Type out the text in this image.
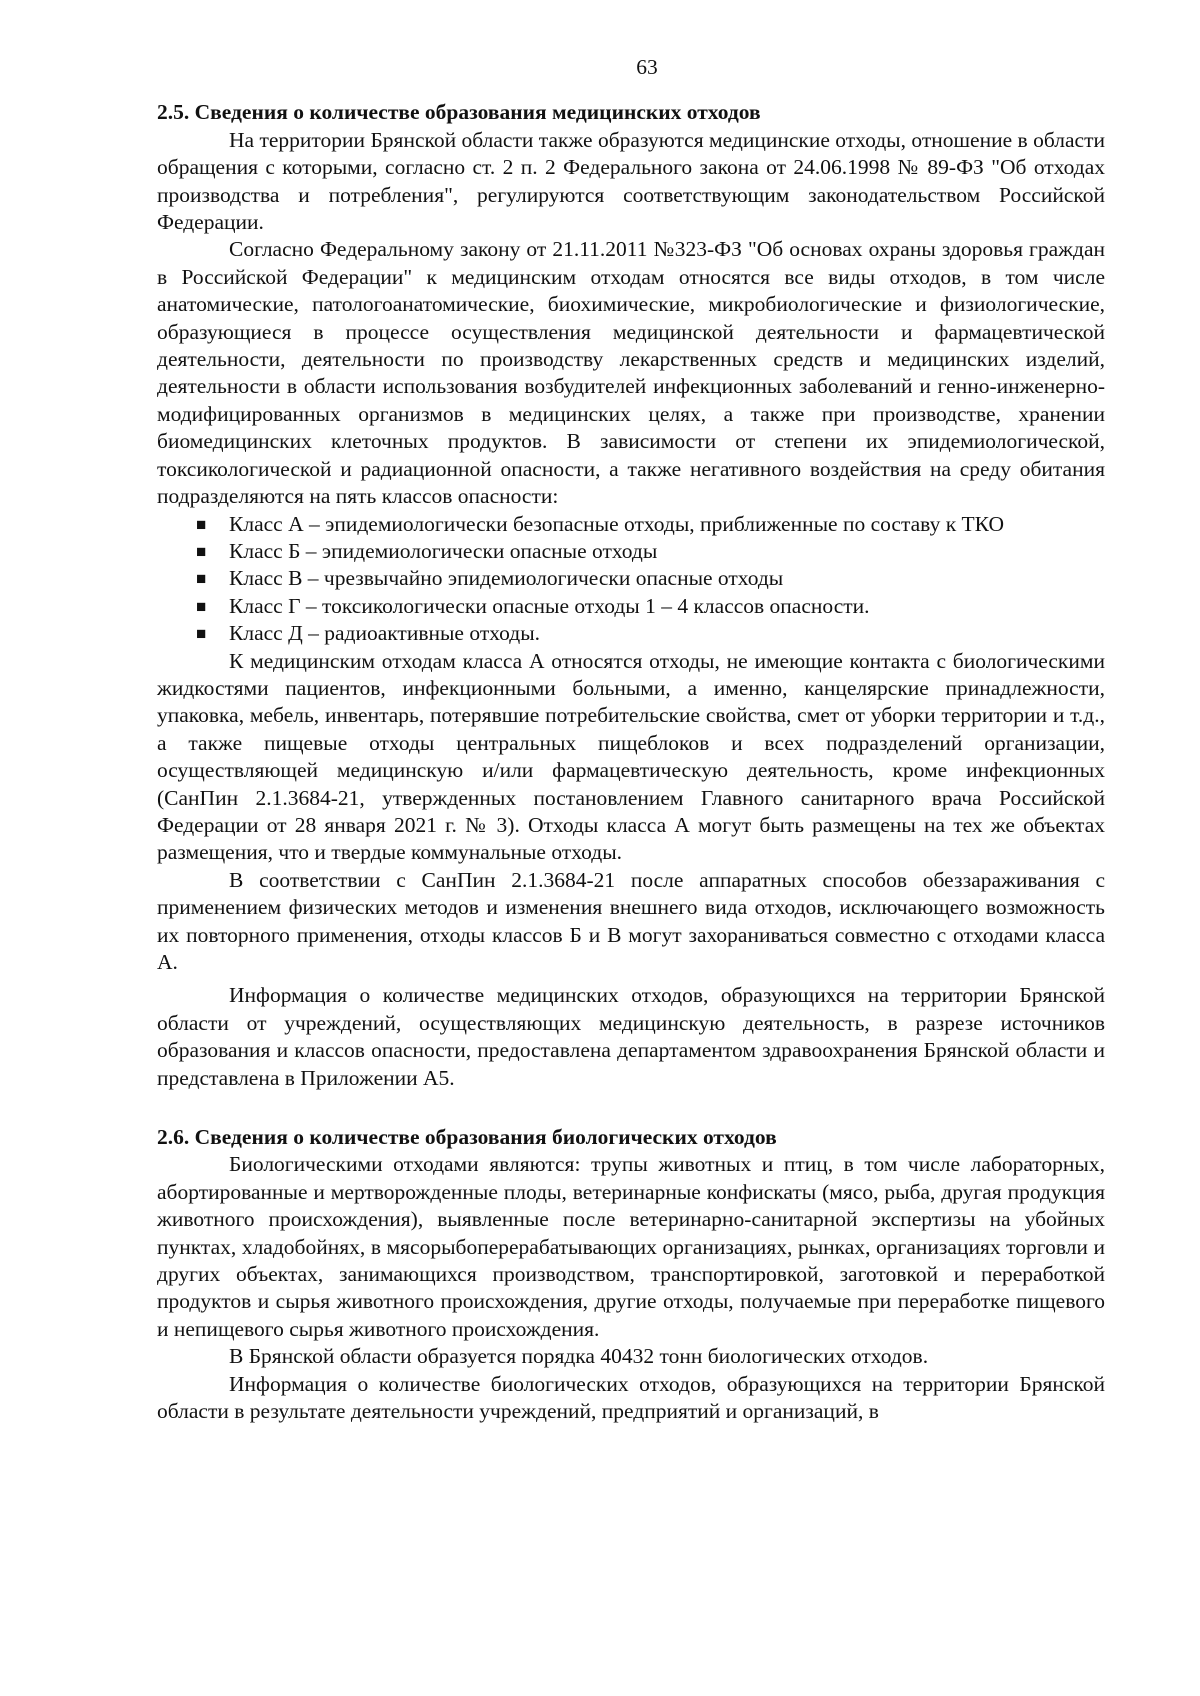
63
2.5. Сведения о количестве образования медицинских отходов

На территории Брянской области также образуются медицинские отходы, отношение в области обращения с которыми, согласно ст. 2 п. 2 Федерального закона от 24.06.1998 № 89-ФЗ "Об отходах производства и потребления", регулируются соответствующим законодательством Российской Федерации.

Согласно Федеральному закону от 21.11.2011 №323-ФЗ "Об основах охраны здоровья граждан в Российской Федерации" к медицинским отходам относятся все виды отходов, в том числе анатомические, патологоанатомические, биохимические, микробиологические и физиологические, образующиеся в процессе осуществления медицинской деятельности и фармацевтической деятельности, деятельности по производству лекарственных средств и медицинских изделий, деятельности в области использования возбудителей инфекционных заболеваний и генно-инженерно-модифицированных организмов в медицинских целях, а также при производстве, хранении биомедицинских клеточных продуктов. В зависимости от степени их эпидемиологической, токсикологической и радиационной опасности, а также негативного воздействия на среду обитания подразделяются на пять классов опасности:

■ Класс А – эпидемиологически безопасные отходы, приближенные по составу к ТКО
■ Класс Б – эпидемиологически опасные отходы
■ Класс В – чрезвычайно эпидемиологически опасные отходы
■ Класс Г – токсикологически опасные отходы 1 – 4 классов опасности.
■ Класс Д – радиоактивные отходы.

К медицинским отходам класса А относятся отходы, не имеющие контакта с биологическими жидкостями пациентов, инфекционными больными, а именно, канцелярские принадлежности, упаковка, мебель, инвентарь, потерявшие потребительские свойства, смет от уборки территории и т.д., а также пищевые отходы центральных пищеблоков и всех подразделений организации, осуществляющей медицинскую и/или фармацевтическую деятельность, кроме инфекционных (СанПин 2.1.3684-21, утвержденных постановлением Главного санитарного врача Российской Федерации от 28 января 2021 г. № 3). Отходы класса А могут быть размещены на тех же объектах размещения, что и твердые коммунальные отходы.

В соответствии с СанПин 2.1.3684-21 после аппаратных способов обеззараживания с применением физических методов и изменения внешнего вида отходов, исключающего возможность их повторного применения, отходы классов Б и В могут захораниваться совместно с отходами класса А.

Информация о количестве медицинских отходов, образующихся на территории Брянской области от учреждений, осуществляющих медицинскую деятельность, в разрезе источников образования и классов опасности, предоставлена департаментом здравоохранения Брянской области и представлена в Приложении А5.

2.6. Сведения о количестве образования биологических отходов

Биологическими отходами являются: трупы животных и птиц, в том числе лабораторных, абортированные и мертворожденные плоды, ветеринарные конфискаты (мясо, рыба, другая продукция животного происхождения), выявленные после ветеринарно-санитарной экспертизы на убойных пунктах, хладобойнях, в мясорыбоперерабатывающих организациях, рынках, организациях торговли и других объектах, занимающихся производством, транспортировкой, заготовкой и переработкой продуктов и сырья животного происхождения, другие отходы, получаемые при переработке пищевого и непищевого сырья животного происхождения.

В Брянской области образуется порядка 40432 тонн биологических отходов.

Информация о количестве биологических отходов, образующихся на территории Брянской области в результате деятельности учреждений, предприятий и организаций, в
